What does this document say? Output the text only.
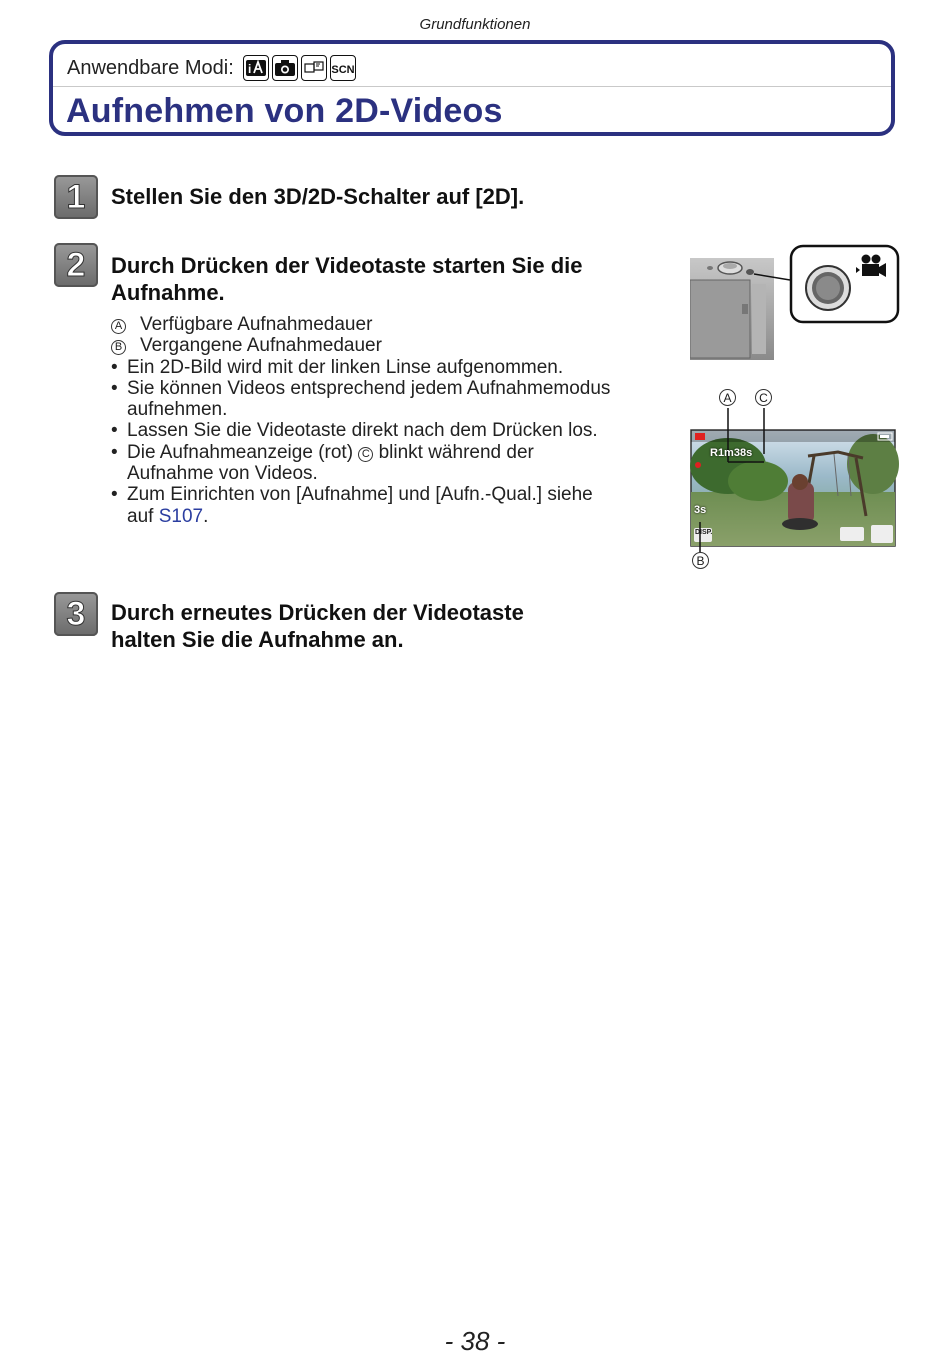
Grundfunktionen
Anwendbare Modi: i	SCN
Aufnehmen von 2D-Videos
1	Stellen Sie den 3D/2D-Schalter auf [2D].
2	Durch Drücken der Videotaste starten Sie die
Aufnahme.
A Verfügbare Aufnahmedauer
B Vergangene Aufnahmedauer
• Ein 2D-Bild wird mit der linken Linse aufgenommen.
• Sie können Videos entsprechend jedem Aufnahmemodus
aufnehmen.
• Lassen Sie die Videotaste direkt nach dem Drücken los.
• Die Aufnahmeanzeige (rot) C blinkt während der
Aufnahme von Videos.
• Zum Einrichten von [Aufnahme] und [Aufn.-Qual.] siehe
auf S107.
3	Durch erneutes Drücken der Videotaste
halten Sie die Aufnahme an.
A	C
B
R1m38s
3s
DISP.
- 38 -
